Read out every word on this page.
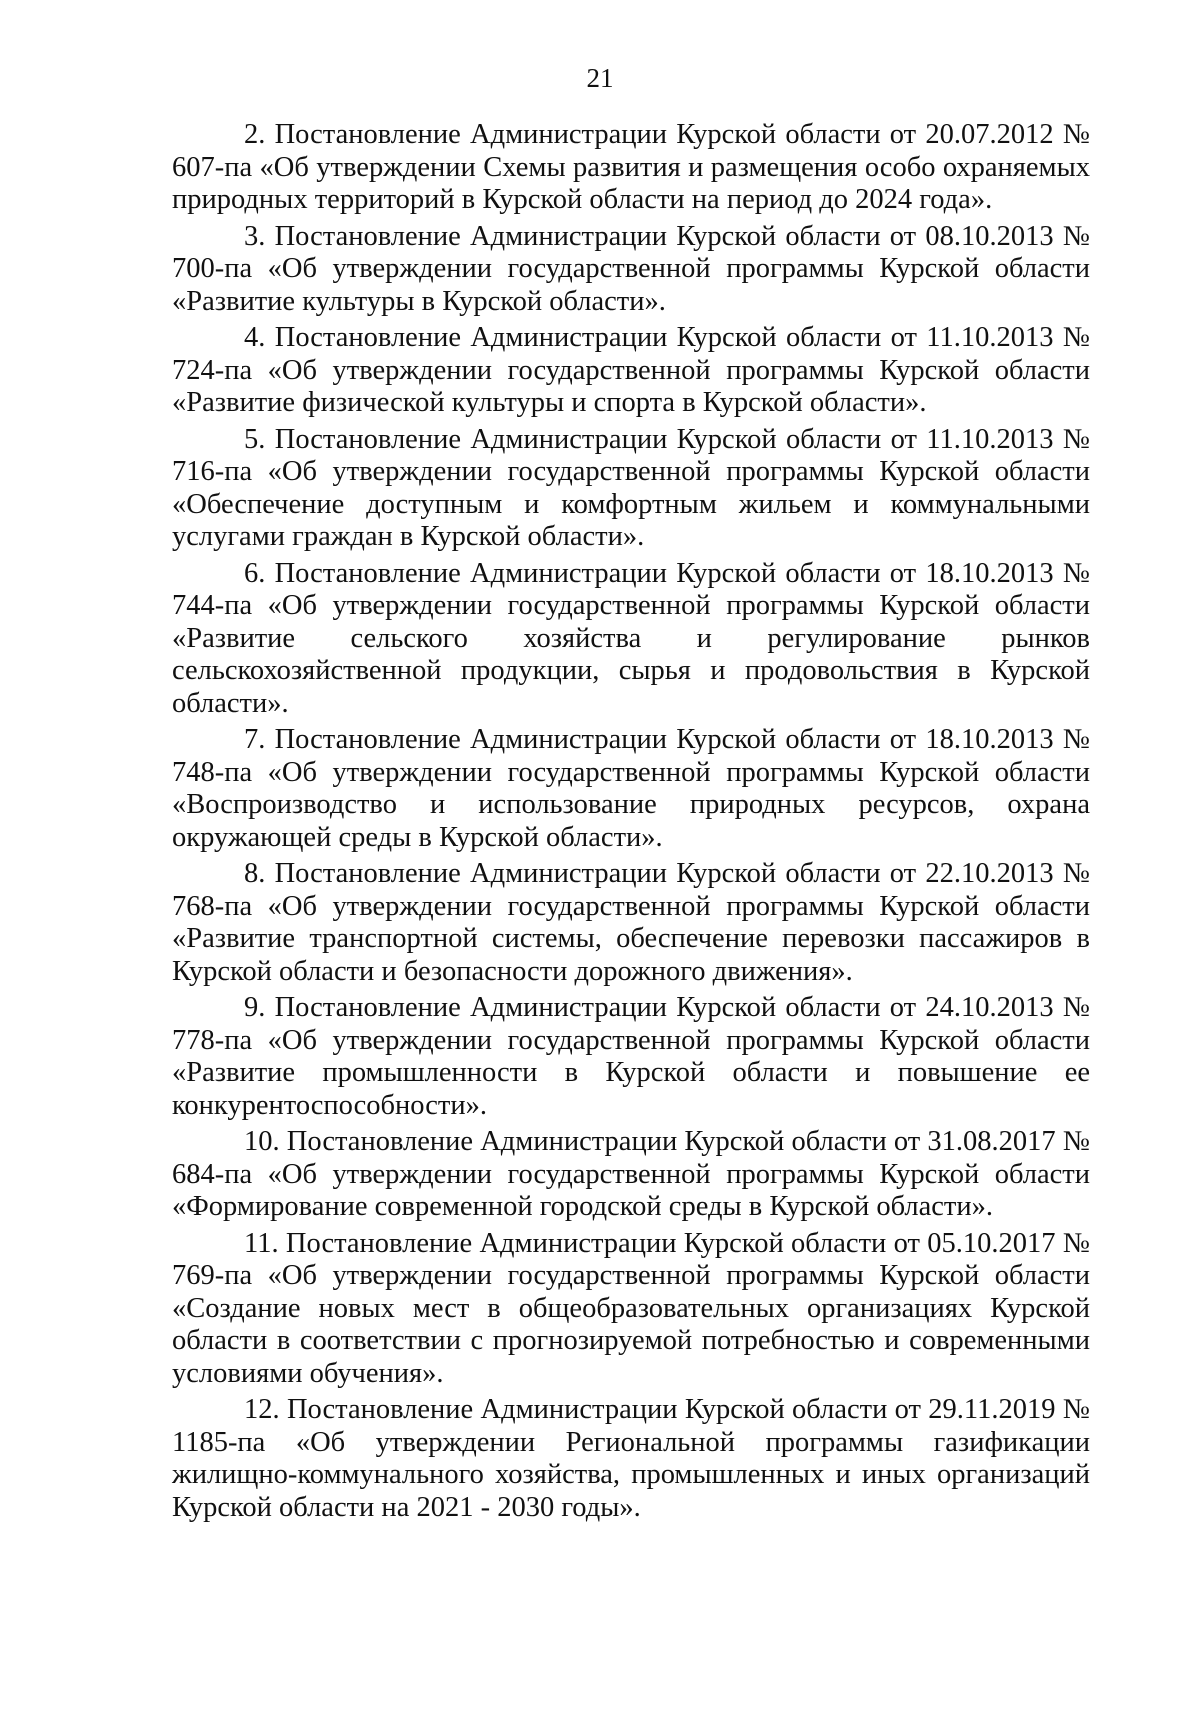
21

2. Постановление Администрации Курской области от 20.07.2012 № 607-па «Об утверждении Схемы развития и размещения особо охраняемых природных территорий в Курской области на период до 2024 года».

3. Постановление Администрации Курской области от 08.10.2013 № 700-па «Об утверждении государственной программы Курской области «Развитие культуры в Курской области».

4. Постановление Администрации Курской области от 11.10.2013 № 724-па «Об утверждении государственной программы Курской области «Развитие физической культуры и спорта в Курской области».

5. Постановление Администрации Курской области от 11.10.2013 № 716-па «Об утверждении государственной программы Курской области «Обеспечение доступным и комфортным жильем и коммунальными услугами граждан в Курской области».

6. Постановление Администрации Курской области от 18.10.2013 № 744-па «Об утверждении государственной программы Курской области «Развитие сельского хозяйства и регулирование рынков сельскохозяйственной продукции, сырья и продовольствия в Курской области».

7. Постановление Администрации Курской области от 18.10.2013 № 748-па «Об утверждении государственной программы Курской области «Воспроизводство и использование природных ресурсов, охрана окружающей среды в Курской области».

8. Постановление Администрации Курской области от 22.10.2013 № 768-па «Об утверждении государственной программы Курской области «Развитие транспортной системы, обеспечение перевозки пассажиров в Курской области и безопасности дорожного движения».

9. Постановление Администрации Курской области от 24.10.2013 № 778-па «Об утверждении государственной программы Курской области «Развитие промышленности в Курской области и повышение ее конкурентоспособности».

10. Постановление Администрации Курской области от 31.08.2017 № 684-па «Об утверждении государственной программы Курской области «Формирование современной городской среды в Курской области».

11. Постановление Администрации Курской области от 05.10.2017 № 769-па «Об утверждении государственной программы Курской области «Создание новых мест в общеобразовательных организациях Курской области в соответствии с прогнозируемой потребностью и современными условиями обучения».

12. Постановление Администрации Курской области от 29.11.2019 № 1185-па «Об утверждении Региональной программы газификации жилищно-коммунального хозяйства, промышленных и иных организаций Курской области на 2021 - 2030 годы».
